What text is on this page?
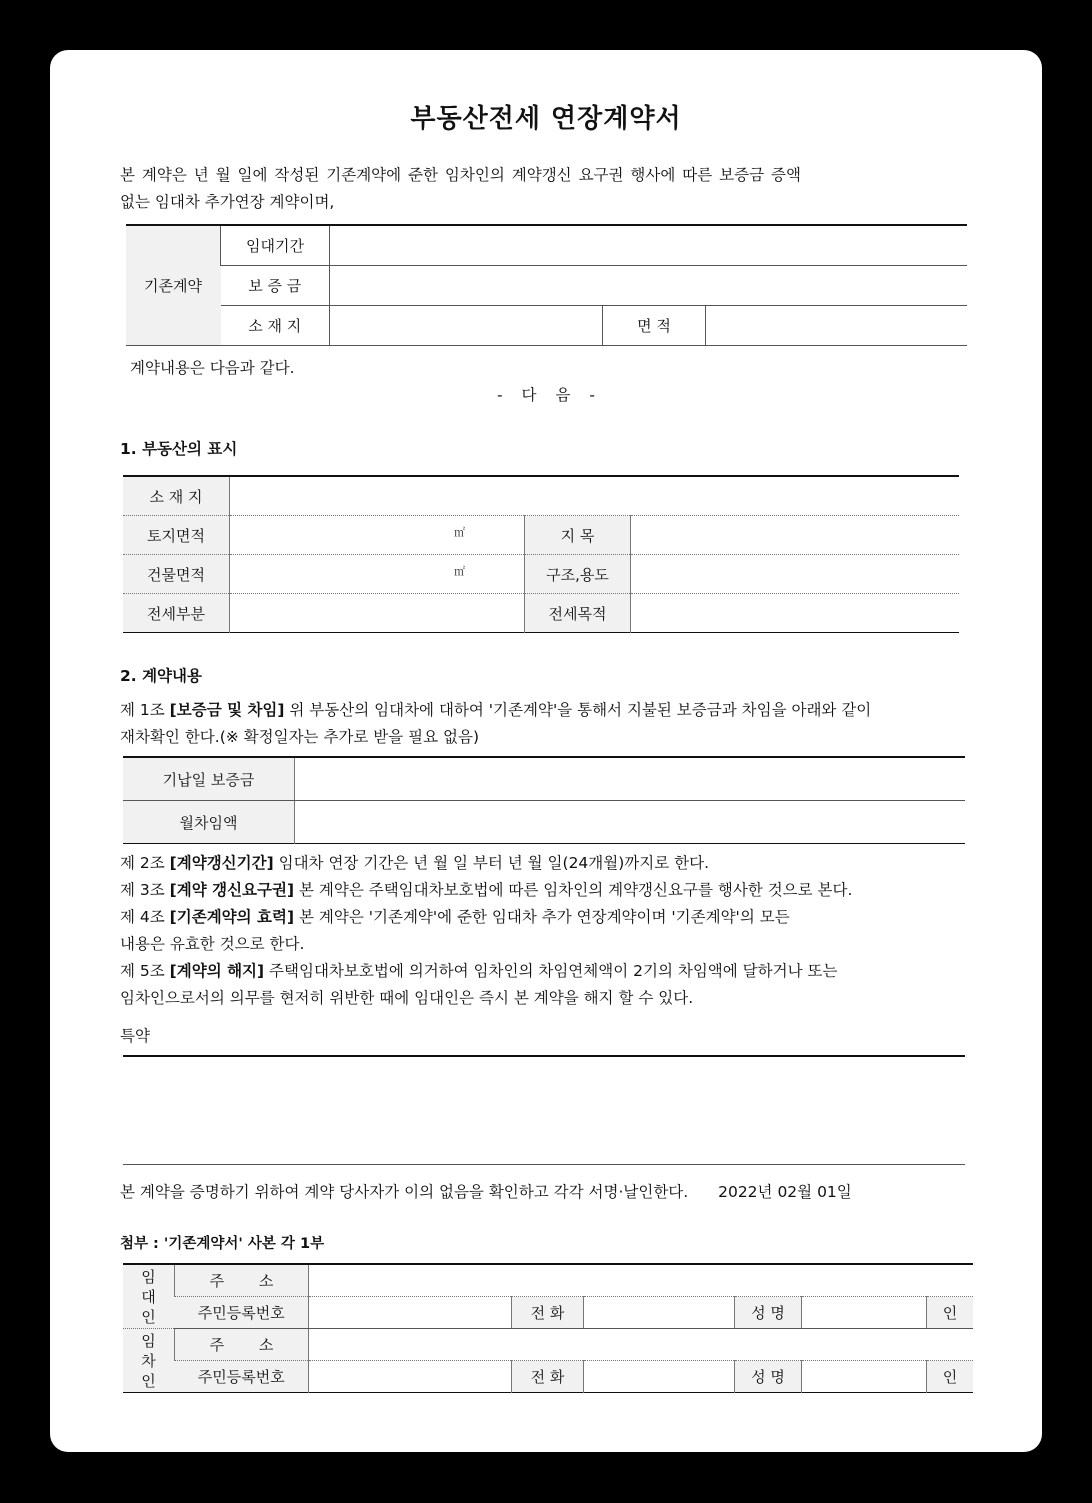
부동산전세 연장계약서
본 계약은 년 월 일에 작성된 기존계약에 준한 임차인의 계약갱신 요구권 행사에 따른 보증금 증액
없는 임대차 추가연장 계약이며,
기존계약	임대기간			
	보 증 금			
	소 재 지		면 적	
계약내용은 다음과 같다.
- 다 음 -
1. 부동산의 표시
소 재 지			
토지면적	㎡	지 목	
건물면적	㎡	구조,용도	
전세부분		전세목적	
2. 계약내용
제 1조 [보증금 및 차임] 위 부동산의 임대차에 대하여 '기존계약'을 통해서 지불된 보증금과 차임을 아래와 같이
재차확인 한다.(※ 확정일자는 추가로 받을 필요 없음)
기납일 보증금	
월차임액	
제 2조 [계약갱신기간] 임대차 연장 기간은 년 월 일 부터 년 월 일(24개월)까지로 한다.
제 3조 [계약 갱신요구권] 본 계약은 주택임대차보호법에 따른 임차인의 계약갱신요구를 행사한 것으로 본다.
제 4조 [기존계약의 효력] 본 계약은 '기존계약'에 준한 임대차 추가 연장계약이며 '기존계약'의 모든
내용은 유효한 것으로 한다.
제 5조 [계약의 해지] 주택임대차보호법에 의거하여 임차인의 차임연체액이 2기의 차임액에 달하거나 또는
임차인으로서의 의무를 현저히 위반한 때에 임대인은 즉시 본 계약을 해지 할 수 있다.
특약
본 계약을 증명하기 위하여 계약 당사자가 이의 없음을 확인하고 각각 서명·날인한다. 2022년 02월 01일
첨부 : '기존계약서' 사본 각 1부
임
대
인	주 소						
	주민등록번호		전 화		성 명		인

임
차
인	주 소						
	주민등록번호		전 화		성 명		인
